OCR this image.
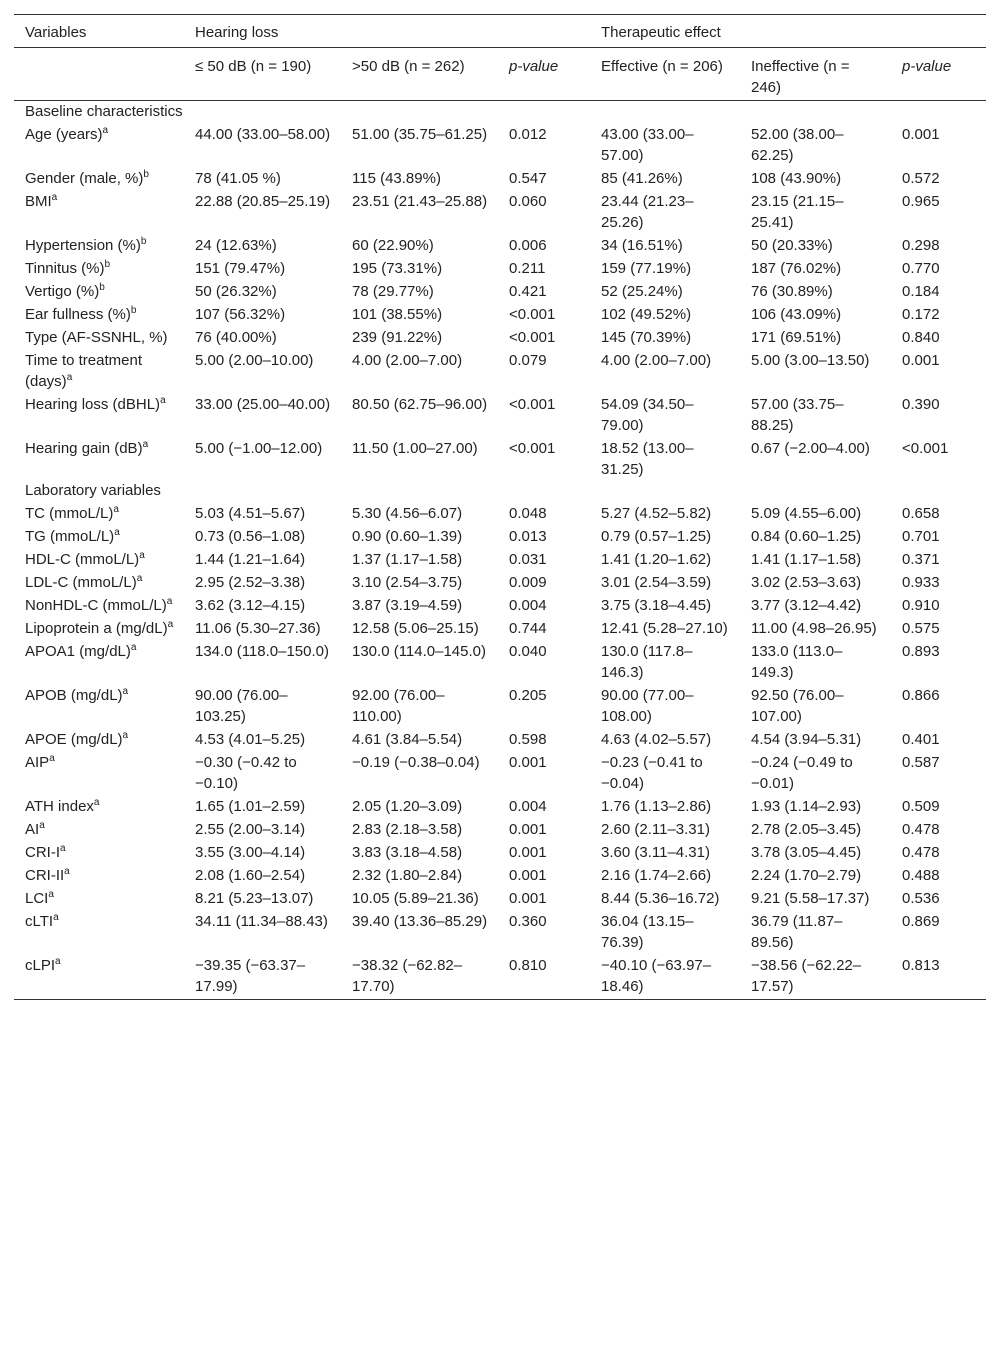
Variables	Hearing loss			Therapeutic effect		
	≤ 50 dB (n = 190)	>50 dB (n = 262)	p-value	Effective (n = 206)	Ineffective (n = 246)	p-value
Baseline characteristics						
Age (years)$^a$	44.00 (33.00–58.00)	51.00 (35.75–61.25)	0.012	43.00 (33.00–57.00)	52.00 (38.00–62.25)	0.001
Gender (male, %)$^b$	78 (41.05 %)	115 (43.89%)	0.547	85 (41.26%)	108 (43.90%)	0.572
BMI$^a$	22.88 (20.85–25.19)	23.51 (21.43–25.88)	0.060	23.44 (21.23–25.26)	23.15 (21.15–25.41)	0.965
Hypertension (%)$^b$	24 (12.63%)	60 (22.90%)	0.006	34 (16.51%)	50 (20.33%)	0.298
Tinnitus (%)$^b$	151 (79.47%)	195 (73.31%)	0.211	159 (77.19%)	187 (76.02%)	0.770
Vertigo (%)$^b$	50 (26.32%)	78 (29.77%)	0.421	52 (25.24%)	76 (30.89%)	0.184
Ear fullness (%)$^b$	107 (56.32%)	101 (38.55%)	<0.001	102 (49.52%)	106 (43.09%)	0.172
Type (AF-SSNHL, %)	76 (40.00%)	239 (91.22%)	<0.001	145 (70.39%)	171 (69.51%)	0.840
Time to treatment (days)$^a$	5.00 (2.00–10.00)	4.00 (2.00–7.00)	0.079	4.00 (2.00–7.00)	5.00 (3.00–13.50)	0.001
Hearing loss (dBHL)$^a$	33.00 (25.00–40.00)	80.50 (62.75–96.00)	<0.001	54.09 (34.50–79.00)	57.00 (33.75–88.25)	0.390
Hearing gain (dB)$^a$	5.00 (−1.00–12.00)	11.50 (1.00–27.00)	<0.001	18.52 (13.00–31.25)	0.67 (−2.00–4.00)	<0.001
Laboratory variables						
TC (mmoL/L)$^a$	5.03 (4.51–5.67)	5.30 (4.56–6.07)	0.048	5.27 (4.52–5.82)	5.09 (4.55–6.00)	0.658
TG (mmoL/L)$^a$	0.73 (0.56–1.08)	0.90 (0.60–1.39)	0.013	0.79 (0.57–1.25)	0.84 (0.60–1.25)	0.701
HDL-C (mmoL/L)$^a$	1.44 (1.21–1.64)	1.37 (1.17–1.58)	0.031	1.41 (1.20–1.62)	1.41 (1.17–1.58)	0.371
LDL-C (mmoL/L)$^a$	2.95 (2.52–3.38)	3.10 (2.54–3.75)	0.009	3.01 (2.54–3.59)	3.02 (2.53–3.63)	0.933
NonHDL-C (mmoL/L)$^a$	3.62 (3.12–4.15)	3.87 (3.19–4.59)	0.004	3.75 (3.18–4.45)	3.77 (3.12–4.42)	0.910
Lipoprotein a $(mg/dL)^a$	11.06 (5.30–27.36)	12.58 (5.06–25.15)	0.744	12.41 (5.28–27.10)	11.00 (4.98–26.95)	0.575
APOA1 $(mg/dL)^a$	134.0 (118.0–150.0)	130.0 (114.0–145.0)	0.040	130.0 (117.8–146.3)	133.0 (113.0–149.3)	0.893
APOB $(mg/dL)^a$	90.00 (76.00–103.25)	92.00 (76.00–110.00)	0.205	90.00 (77.00–108.00)	92.50 (76.00–107.00)	0.866
APOE $(mg/dL)^a$	4.53 (4.01–5.25)	4.61 (3.84–5.54)	0.598	4.63 (4.02–5.57)	4.54 (3.94–5.31)	0.401
$AIP^a$	−0.30 (−0.42 to −0.10)	−0.19 (−0.38–0.04)	0.001	−0.23 (−0.41 to −0.04)	−0.24 (−0.49 to −0.01)	0.587
ATH index$^a$	1.65 (1.01–2.59)	2.05 (1.20–3.09)	0.004	1.76 (1.13–2.86)	1.93 (1.14–2.93)	0.509
$AI^a$	2.55 (2.00–3.14)	2.83 (2.18–3.58)	0.001	2.60 (2.11–3.31)	2.78 (2.05–3.45)	0.478
CRI-$I^a$	3.55 (3.00–4.14)	3.83 (3.18–4.58)	0.001	3.60 (3.11–4.31)	3.78 (3.05–4.45)	0.478
CRI-$II^a$	2.08 (1.60–2.54)	2.32 (1.80–2.84)	0.001	2.16 (1.74–2.66)	2.24 (1.70–2.79)	0.488
LCI$^a$	8.21 (5.23–13.07)	10.05 (5.89–21.36)	0.001	8.44 (5.36–16.72)	9.21 (5.58–17.37)	0.536
cLTI$^a$	34.11 (11.34–88.43)	39.40 (13.36–85.29)	0.360	36.04 (13.15–76.39)	36.79 (11.87–89.56)	0.869
cLPI$^a$	−39.35 (−63.37–17.99)	−38.32 (−62.82–17.70)	0.810	−40.10 (−63.97–18.46)	−38.56 (−62.22–17.57)	0.813
